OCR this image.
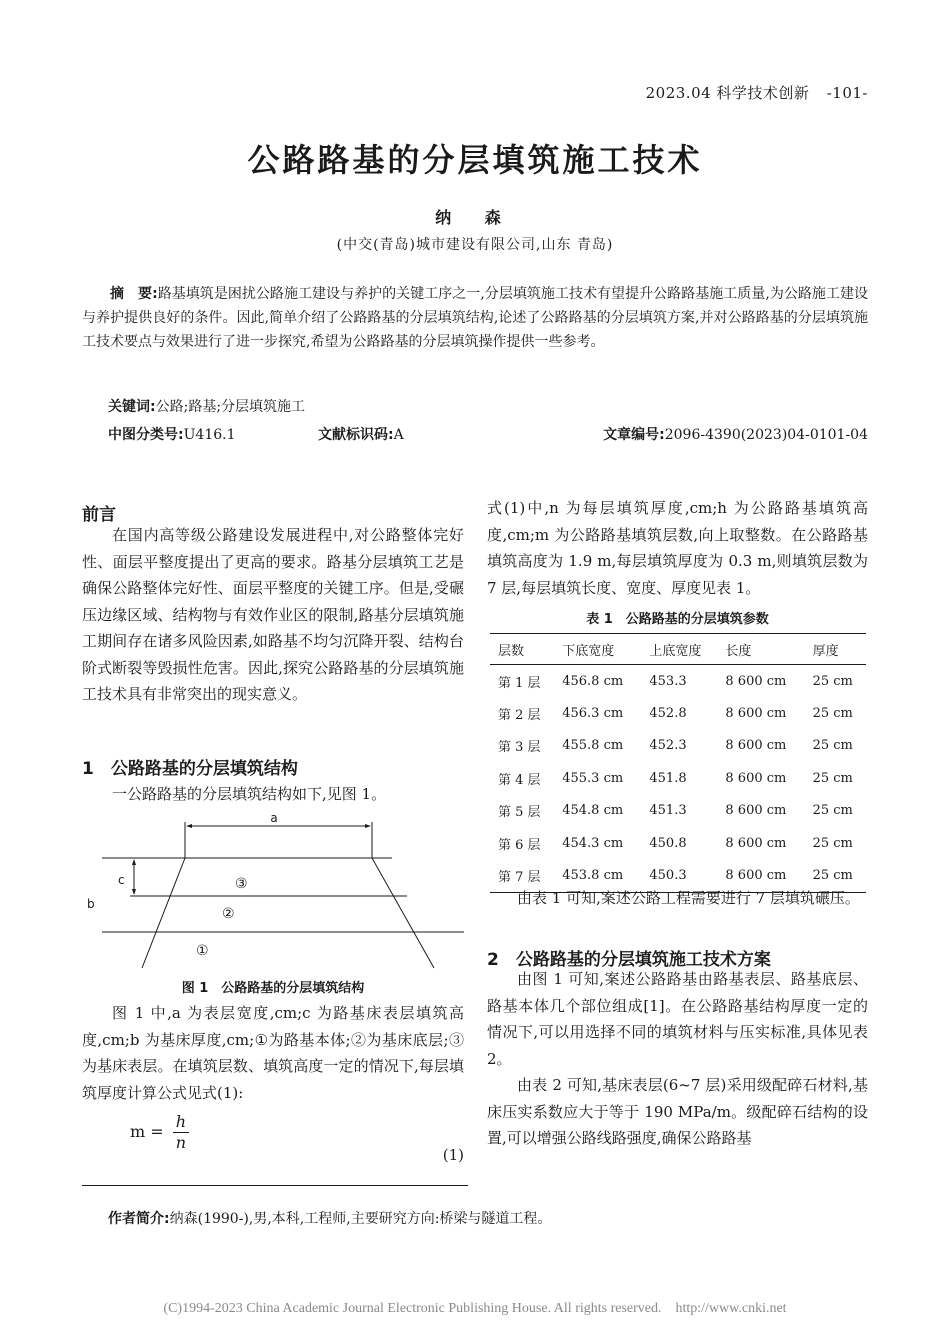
2023.04 科学技术创新 -101-
公路路基的分层填筑施工技术
纳 森
(中交(青岛)城市建设有限公司,山东 青岛)
摘　要:路基填筑是困扰公路施工建设与养护的关键工序之一,分层填筑施工技术有望提升公路路基施工质量,为公路施工建设与养护提供良好的条件。因此,简单介绍了公路路基的分层填筑结构,论述了公路路基的分层填筑方案,并对公路路基的分层填筑施工技术要点与效果进行了进一步探究,希望为公路路基的分层填筑操作提供一些参考。
关键词:公路;路基;分层填筑施工
中图分类号:U416.1	文献标识码:A	文章编号:2096-4390(2023)04-0101-04
前言
在国内高等级公路建设发展进程中,对公路整体完好性、面层平整度提出了更高的要求。路基分层填筑工艺是确保公路整体完好性、面层平整度的关键工序。但是,受碾压边缘区域、结构物与有效作业区的限制,路基分层填筑施工期间存在诸多风险因素,如路基不均匀沉降开裂、结构台阶式断裂等毁损性危害。因此,探究公路路基的分层填筑施工技术具有非常突出的现实意义。
1　公路路基的分层填筑结构
一公路路基的分层填筑结构如下,见图 1。
a
b
c	③
②
①
图 1　公路路基的分层填筑结构
图 1 中,a 为表层宽度,cm;c 为路基床表层填筑高度,cm;b 为基床厚度,cm;①为路基本体;②为基床底层;③为基床表层。在填筑层数、填筑高度一定的情况下,每层填筑厚度计算公式见式(1):
$m = \frac{h}{n}$
(1)
式(1)中,n 为每层填筑厚度,cm;h 为公路路基填筑高度,cm;m 为公路路基填筑层数,向上取整数。在公路路基填筑高度为 1.9 m,每层填筑厚度为 0.3 m,则填筑层数为 7 层,每层填筑长度、宽度、厚度见表 1。
表 1　公路路基的分层填筑参数
层数	下底宽度	上底宽度	长度	厚度
第 1 层	456.8 cm	453.3	8 600 cm	25 cm
第 2 层	456.3 cm	452.8	8 600 cm	25 cm
第 3 层	455.8 cm	452.3	8 600 cm	25 cm
第 4 层	455.3 cm	451.8	8 600 cm	25 cm
第 5 层	454.8 cm	451.3	8 600 cm	25 cm
第 6 层	454.3 cm	450.8	8 600 cm	25 cm
第 7 层	453.8 cm	450.3	8 600 cm	25 cm
由表 1 可知,案述公路工程需要进行 7 层填筑碾压。
2　公路路基的分层填筑施工技术方案
由图 1 可知,案述公路路基由路基表层、路基底层、路基本体几个部位组成[1]。在公路路基结构厚度一定的情况下,可以用选择不同的填筑材料与压实标准,具体见表 2。
由表 2 可知,基床表层(6~7 层)采用级配碎石材料,基床压实系数应大于等于 190 MPa/m。级配碎石结构的设置,可以增强公路线路强度,确保公路路基
作者简介:纳森(1990-),男,本科,工程师,主要研究方向:桥梁与隧道工程。
(C)1994-2023 China Academic Journal Electronic Publishing House. All rights reserved.　http://www.cnki.net
